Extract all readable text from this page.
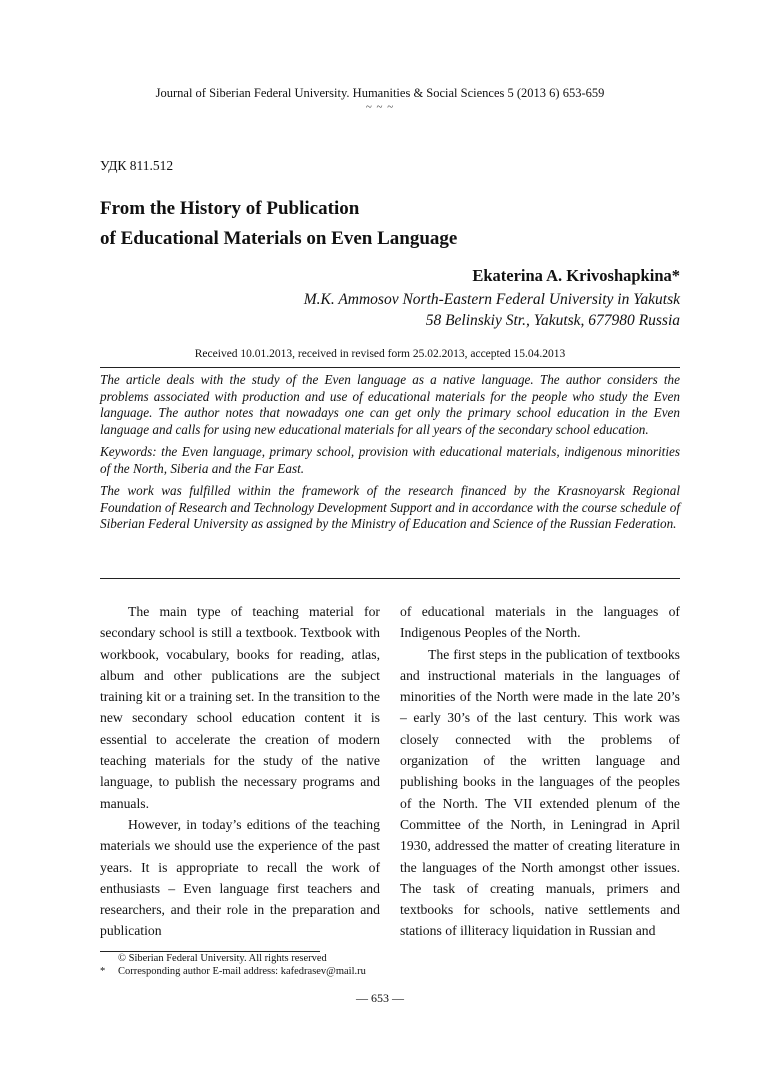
Journal of Siberian Federal University. Humanities & Social Sciences 5 (2013 6) 653-659
~ ~ ~
УДК 811.512
From the History of Publication
of Educational Materials on Even Language
Ekaterina A. Krivoshapkina*
M.K. Ammosov North-Eastern Federal University in Yakutsk
58 Belinskiy Str., Yakutsk, 677980 Russia
Received 10.01.2013, received in revised form 25.02.2013, accepted 15.04.2013

The article deals with the study of the Even language as a native language. The author considers the problems associated with production and use of educational materials for the people who study the Even language. The author notes that nowadays one can get only the primary school education in the Even language and calls for using new educational materials for all years of the secondary school education.

Keywords: the Even language, primary school, provision with educational materials, indigenous minorities of the North, Siberia and the Far East.

The work was fulfilled within the framework of the research financed by the Krasnoyarsk Regional Foundation of Research and Technology Development Support and in accordance with the course schedule of Siberian Federal University as assigned by the Ministry of Education and Science of the Russian Federation.

The main type of teaching material for secondary school is still a textbook. Textbook with workbook, vocabulary, books for reading, atlas, album and other publications are the subject training kit or a training set. In the transition to the new secondary school education content it is essential to accelerate the creation of modern teaching materials for the study of the native language, to publish the necessary programs and manuals.

However, in today’s editions of the teaching materials we should use the experience of the past years. It is appropriate to recall the work of enthusiasts – Even language first teachers and researchers, and their role in the preparation and publication

of educational materials in the languages of Indigenous Peoples of the North.

The first steps in the publication of textbooks and instructional materials in the languages of minorities of the North were made in the late 20’s – early 30’s of the last century. This work was closely connected with the problems of organization of the written language and publishing books in the languages of the peoples of the North. The VII extended plenum of the Committee of the North, in Leningrad in April 1930, addressed the matter of creating literature in the languages of the North amongst other issues. The task of creating manuals, primers and textbooks for schools, native settlements and stations of illiteracy liquidation in Russian and

© Siberian Federal University. All rights reserved
* Corresponding author E-mail address: kafedrasev@mail.ru
— 653 —
